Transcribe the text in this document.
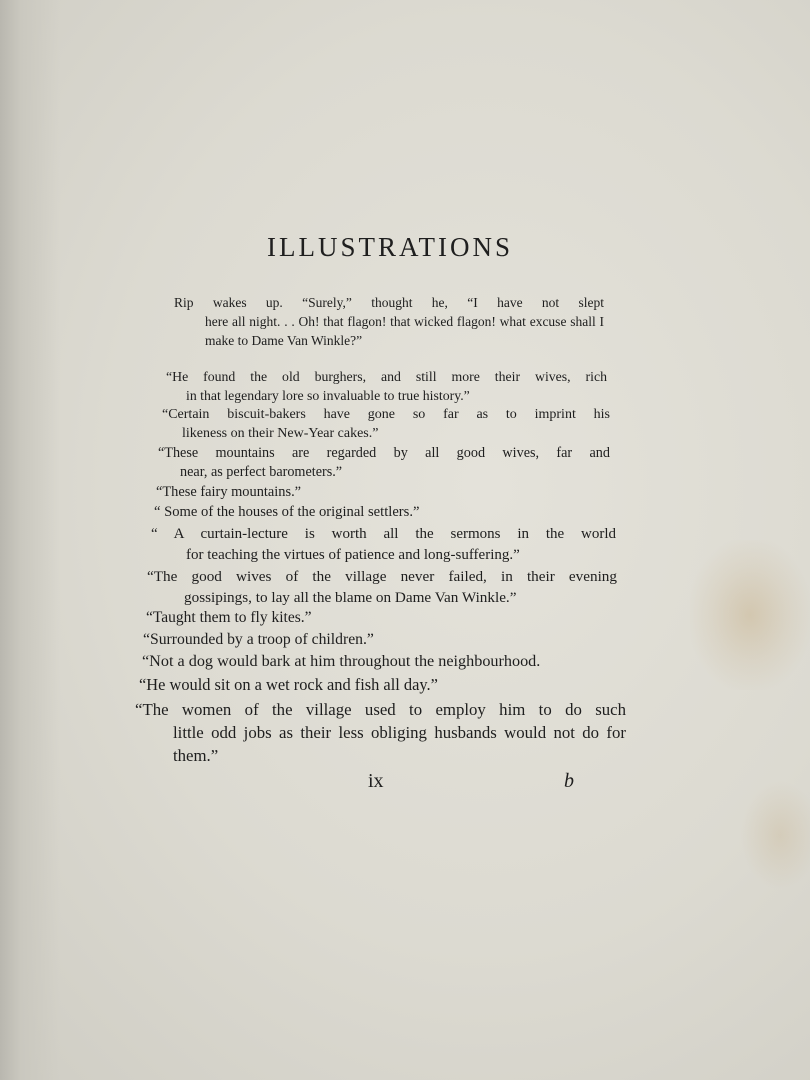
ILLUSTRATIONS
Rip wakes up. “Surely,” thought he, “I have not slept
here all night. . . Oh! that flagon! that wicked flagon! what excuse shall I make to Dame Van Winkle?”
“He found the old burghers, and still more their wives, rich
in that legendary lore so invaluable to true history.”
“Certain biscuit-bakers have gone so far as to imprint his
likeness on their New-Year cakes.”
“These mountains are regarded by all good wives, far and
near, as perfect barometers.”
“These fairy mountains.”
“ Some of the houses of the original settlers.”
“ A curtain-lecture is worth all the sermons in the world
for teaching the virtues of patience and long-suffering.”
“The good wives of the village never failed, in their evening
gossipings, to lay all the blame on Dame Van Winkle.”
“Taught them to fly kites.”
“Surrounded by a troop of children.”
“Not a dog would bark at him throughout the neighbourhood.
“He would sit on a wet rock and fish all day.”
“The women of the village used to employ him to do such
little odd jobs as their less obliging husbands would not do for them.”
ix	b
